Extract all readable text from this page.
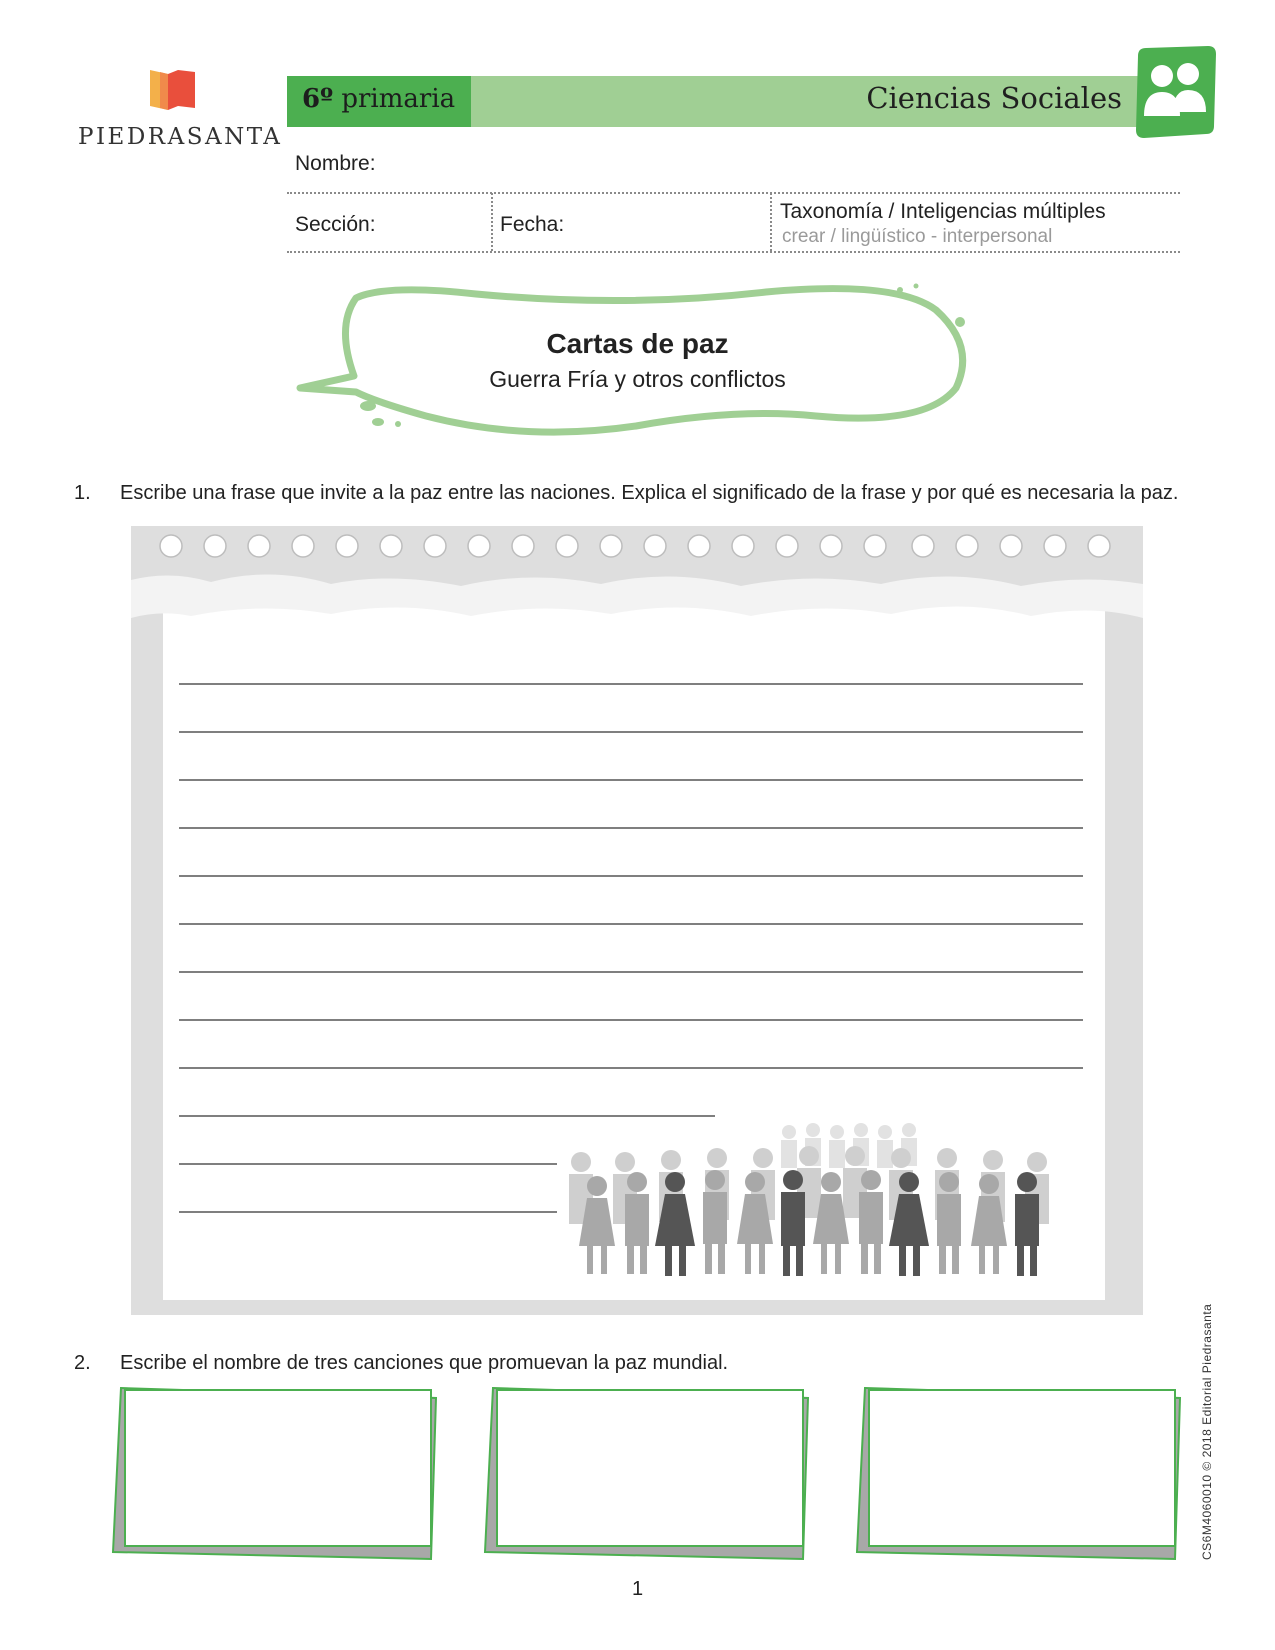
PIEDRASANTA
6º primaria	Ciencias Sociales
Nombre:
Sección:	Fecha:
Taxonomía / Inteligencias múltiples
crear / lingüístico - interpersonal
Cartas de paz
Guerra Fría y otros conflictos
1. Escribe una frase que invite a la paz entre las naciones. Explica el significado de la frase y por qué es necesaria la paz.
2. Escribe el nombre de tres canciones que promuevan la paz mundial.
1
CS6M4060010 © 2018 Editorial Piedrasanta
